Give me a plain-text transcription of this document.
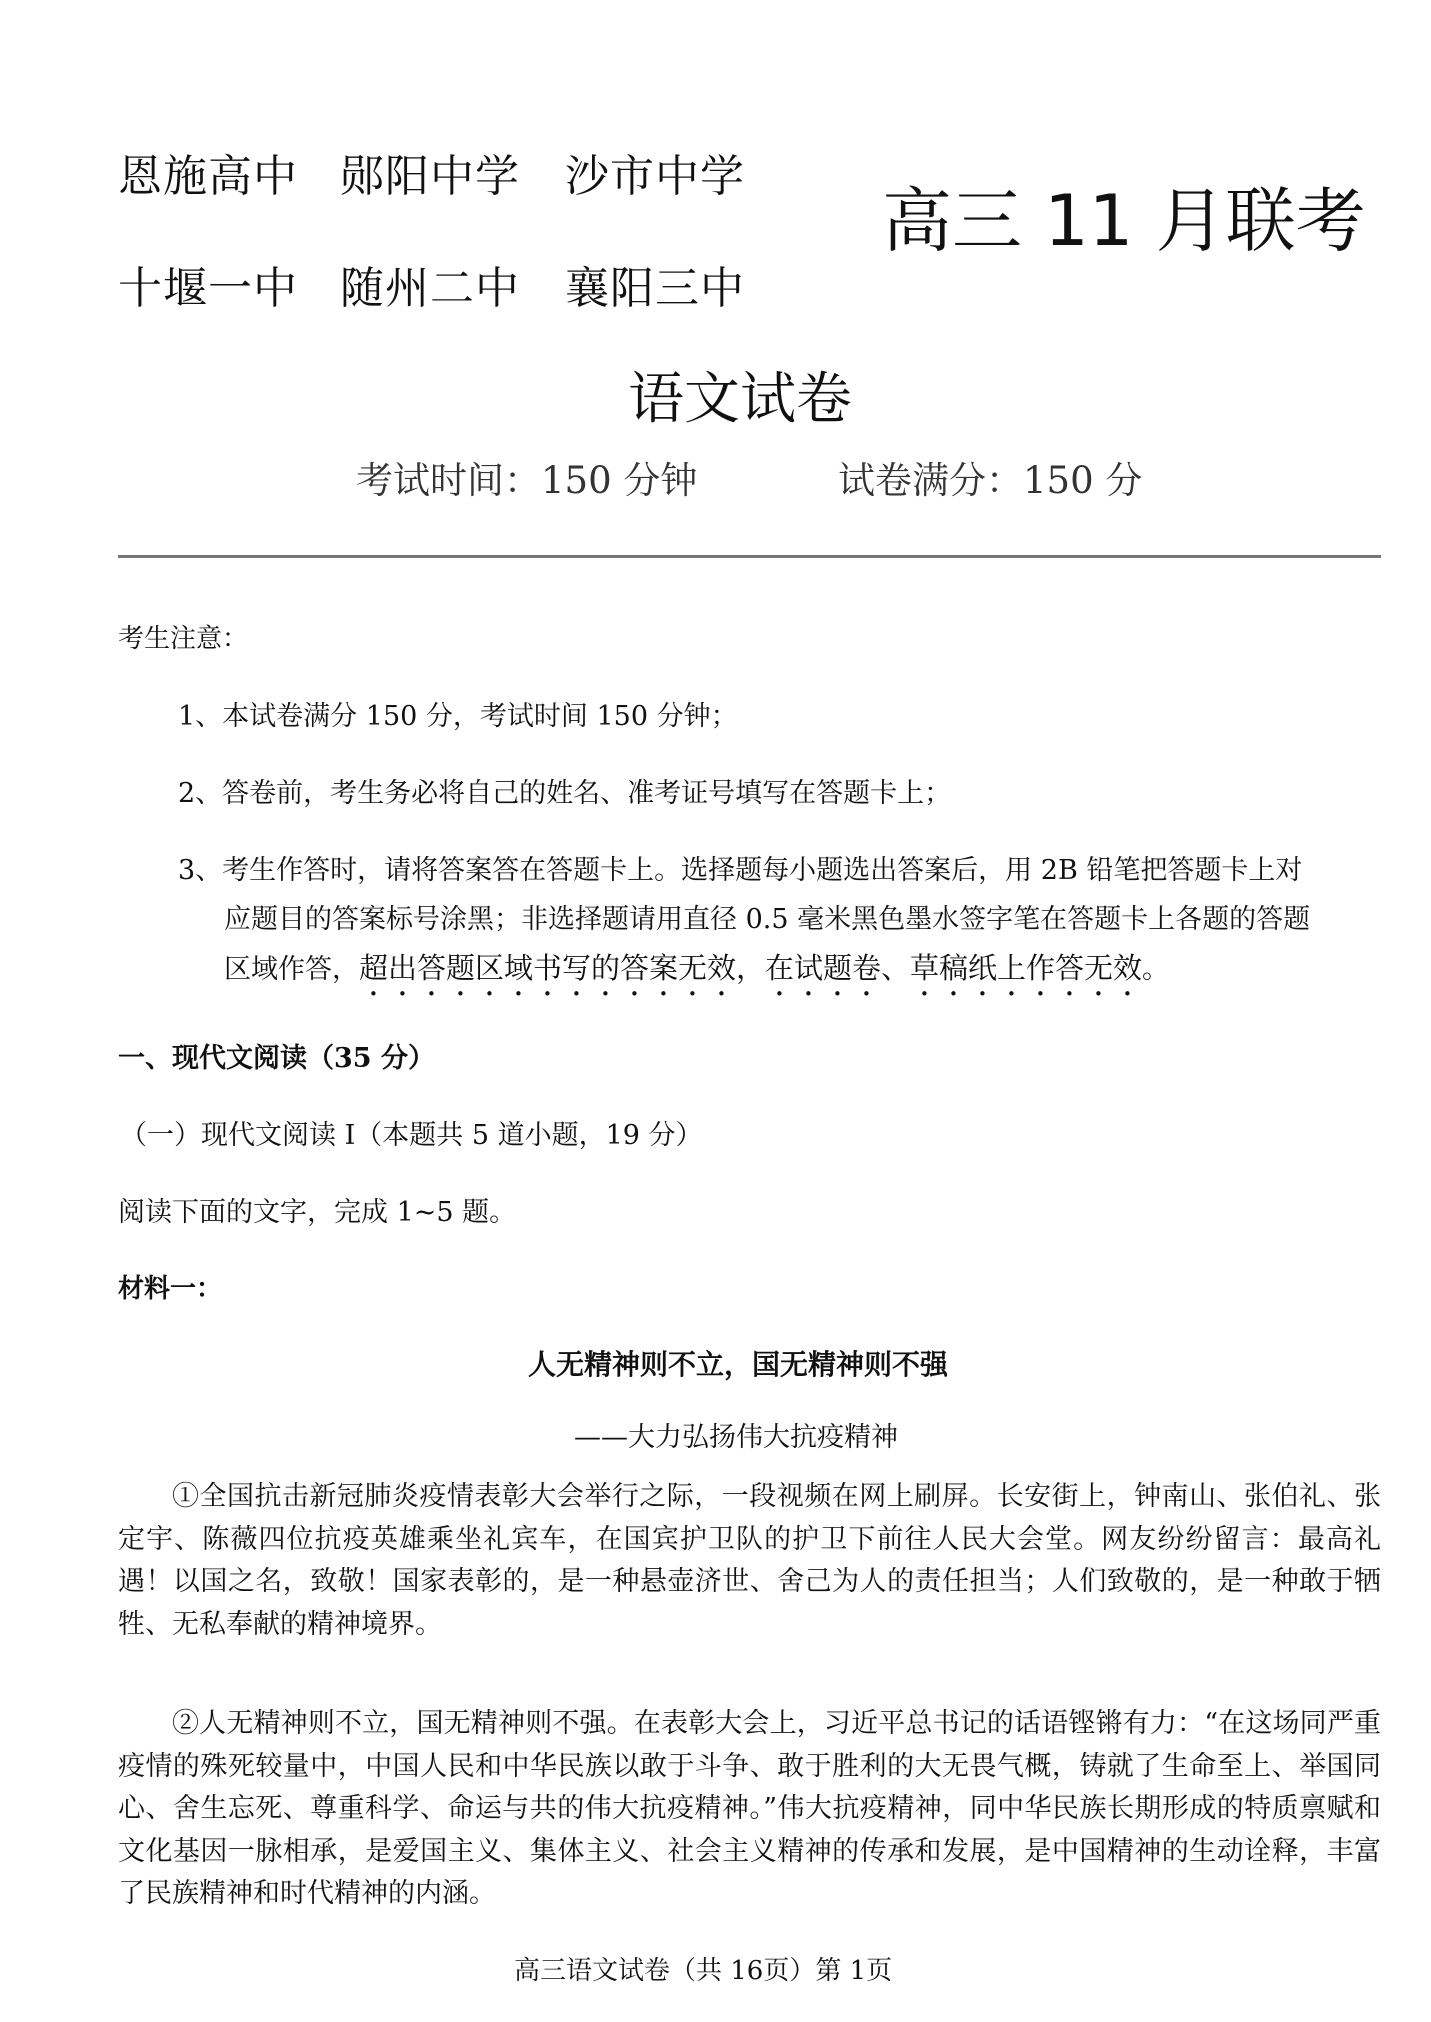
恩施高中 郧阳中学 沙市中学
十堰一中 随州二中 襄阳三中
高三 11 月联考
语文试卷
考试时间：150 分钟	试卷满分：150 分
考生注意：
1、本试卷满分 150 分，考试时间 150 分钟；
2、答卷前，考生务必将自己的姓名、准考证号填写在答题卡上；
3、考生作答时，请将答案答在答题卡上。选择题每小题选出答案后，用 2B 铅笔把答题卡上对
应题目的答案标号涂黑；非选择题请用直径 0.5 毫米黑色墨水签字笔在答题卡上各题的答题
区域作答，超出答题区域书写的答案无效，在试题卷、草稿纸上作答无效。
一、现代文阅读（35 分）
（一）现代文阅读 I（本题共 5 道小题，19 分）
阅读下面的文字，完成 1~5 题。
材料一：
人无精神则不立，国无精神则不强
——大力弘扬伟大抗疫精神

①全国抗击新冠肺炎疫情表彰大会举行之际，一段视频在网上刷屏。长安街上，钟南山、张伯礼、张定宇、陈薇四位抗疫英雄乘坐礼宾车，在国宾护卫队的护卫下前往人民大会堂。网友纷纷留言：最高礼遇！以国之名，致敬！国家表彰的，是一种悬壶济世、舍己为人的责任担当；人们致敬的，是一种敢于牺牲、无私奉献的精神境界。

②人无精神则不立，国无精神则不强。在表彰大会上，习近平总书记的话语铿锵有力：“在这场同严重疫情的殊死较量中，中国人民和中华民族以敢于斗争、敢于胜利的大无畏气概，铸就了生命至上、举国同心、舍生忘死、尊重科学、命运与共的伟大抗疫精神。”伟大抗疫精神，同中华民族长期形成的特质禀赋和文化基因一脉相承，是爱国主义、集体主义、社会主义精神的传承和发展，是中国精神的生动诠释，丰富了民族精神和时代精神的内涵。

高三语文试卷（共 16页）第 1页
